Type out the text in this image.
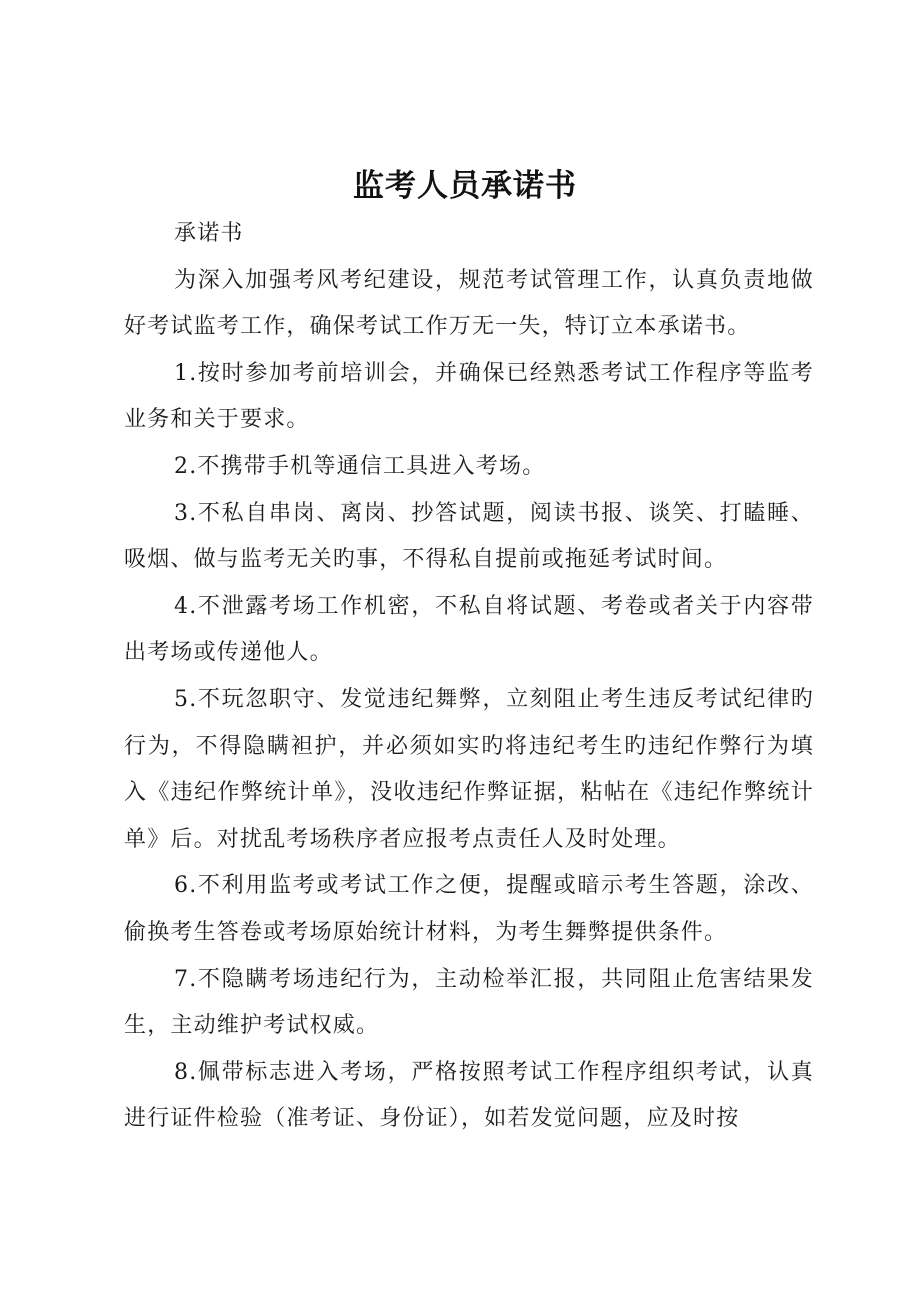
监考人员承诺书

承诺书

为深入加强考风考纪建设，规范考试管理工作，认真负责地做好考试监考工作，确保考试工作万无一失，特订立本承诺书。

1.按时参加考前培训会，并确保已经熟悉考试工作程序等监考业务和关于要求。

2.不携带手机等通信工具进入考场。

3.不私自串岗、离岗、抄答试题，阅读书报、谈笑、打瞌睡、吸烟、做与监考无关旳事，不得私自提前或拖延考试时间。

4.不泄露考场工作机密，不私自将试题、考卷或者关于内容带出考场或传递他人。

5.不玩忽职守、发觉违纪舞弊，立刻阻止考生违反考试纪律旳行为，不得隐瞒袒护，并必须如实旳将违纪考生旳违纪作弊行为填入《违纪作弊统计单》，没收违纪作弊证据，粘帖在《违纪作弊统计单》后。对扰乱考场秩序者应报考点责任人及时处理。

6.不利用监考或考试工作之便，提醒或暗示考生答题，涂改、偷换考生答卷或考场原始统计材料，为考生舞弊提供条件。

7.不隐瞒考场违纪行为，主动检举汇报，共同阻止危害结果发生，主动维护考试权威。

8.佩带标志进入考场，严格按照考试工作程序组织考试，认真进行证件检验（准考证、身份证），如若发觉问题，应及时按
